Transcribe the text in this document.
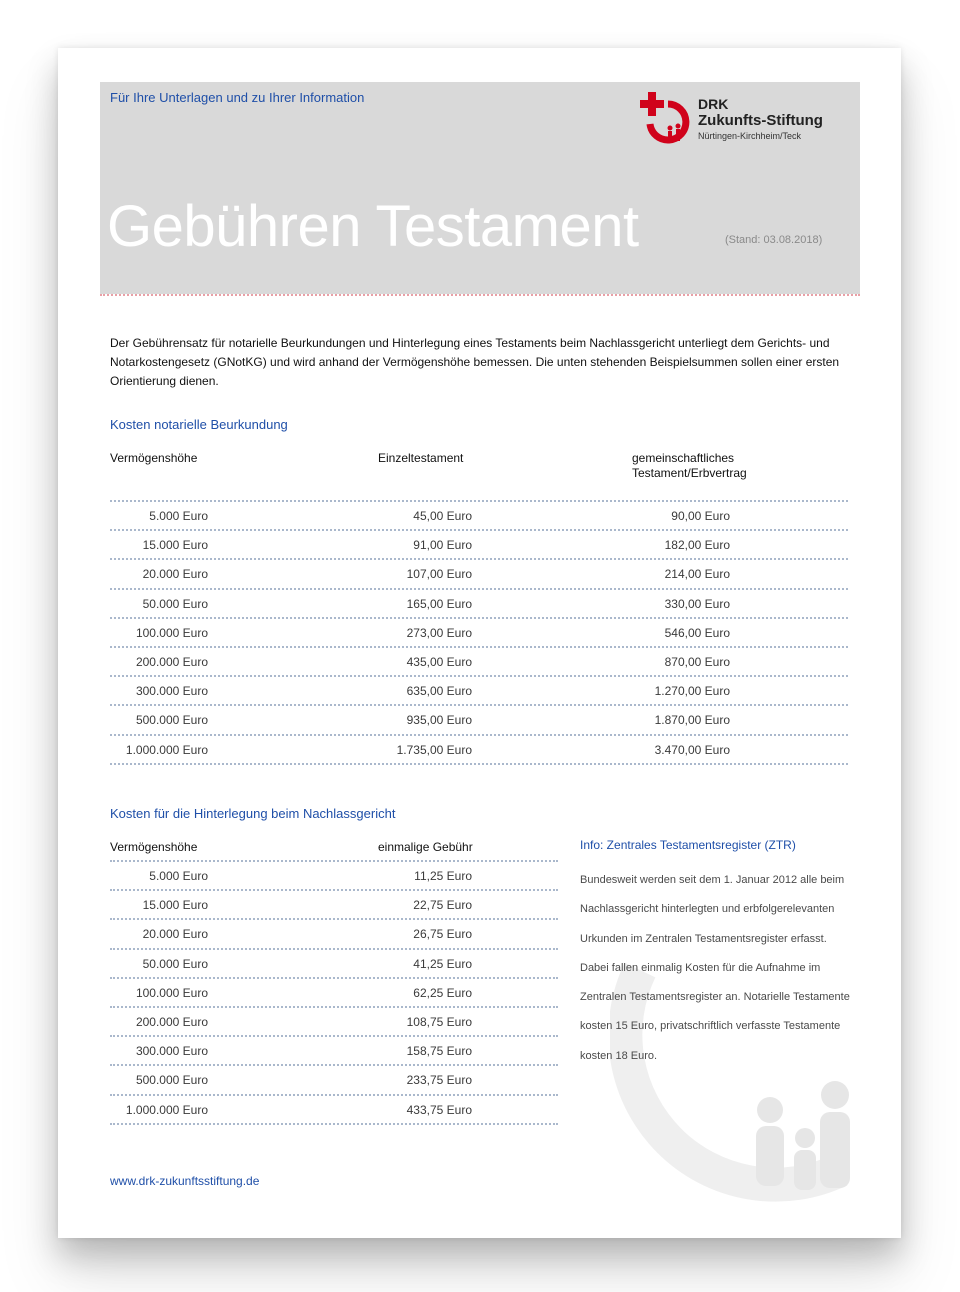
Für Ihre Unterlagen und zu Ihrer Information
Gebühren Testament	(Stand: 03.08.2018)
DRK
Zukunfts-Stiftung
Nürtingen-Kirchheim/Teck
Der Gebührensatz für notarielle Beurkundungen und Hinterlegung eines Testaments beim Nachlassgericht unterliegt dem Gerichts- und Notarkostengesetz (GNotKG) und wird anhand der Vermögenshöhe bemessen. Die unten stehenden Beispielsummen sollen einer ersten Orientierung dienen.
Kosten notarielle Beurkundung
Vermögenshöhe	Einzeltestament	gemeinschaftliches Testament/Erbvertrag
5.000 Euro	45,00 Euro	90,00 Euro
15.000 Euro	91,00 Euro	182,00 Euro
20.000 Euro	107,00 Euro	214,00 Euro
50.000 Euro	165,00 Euro	330,00 Euro
100.000 Euro	273,00 Euro	546,00 Euro
200.000 Euro	435,00 Euro	870,00 Euro
300.000 Euro	635,00 Euro	1.270,00 Euro
500.000 Euro	935,00 Euro	1.870,00 Euro
1.000.000 Euro	1.735,00 Euro	3.470,00 Euro
Kosten für die Hinterlegung beim Nachlassgericht
Vermögenshöhe	einmalige Gebühr
5.000 Euro	11,25 Euro
15.000 Euro	22,75 Euro
20.000 Euro	26,75 Euro
50.000 Euro	41,25 Euro
100.000 Euro	62,25 Euro
200.000 Euro	108,75 Euro
300.000 Euro	158,75 Euro
500.000 Euro	233,75 Euro
1.000.000 Euro	433,75 Euro
Info: Zentrales Testamentsregister (ZTR)
Bundesweit werden seit dem 1. Januar 2012 alle beim Nachlassgericht hinterlegten und erbfolgerelevanten Urkunden im Zentralen Testamentsregister erfasst. Dabei fallen einmalig Kosten für die Aufnahme im Zentralen Testamentsregister an. Notarielle Testamente kosten 15 Euro, privatschriftlich verfasste Testamente kosten 18 Euro.
www.drk-zukunftsstiftung.de
